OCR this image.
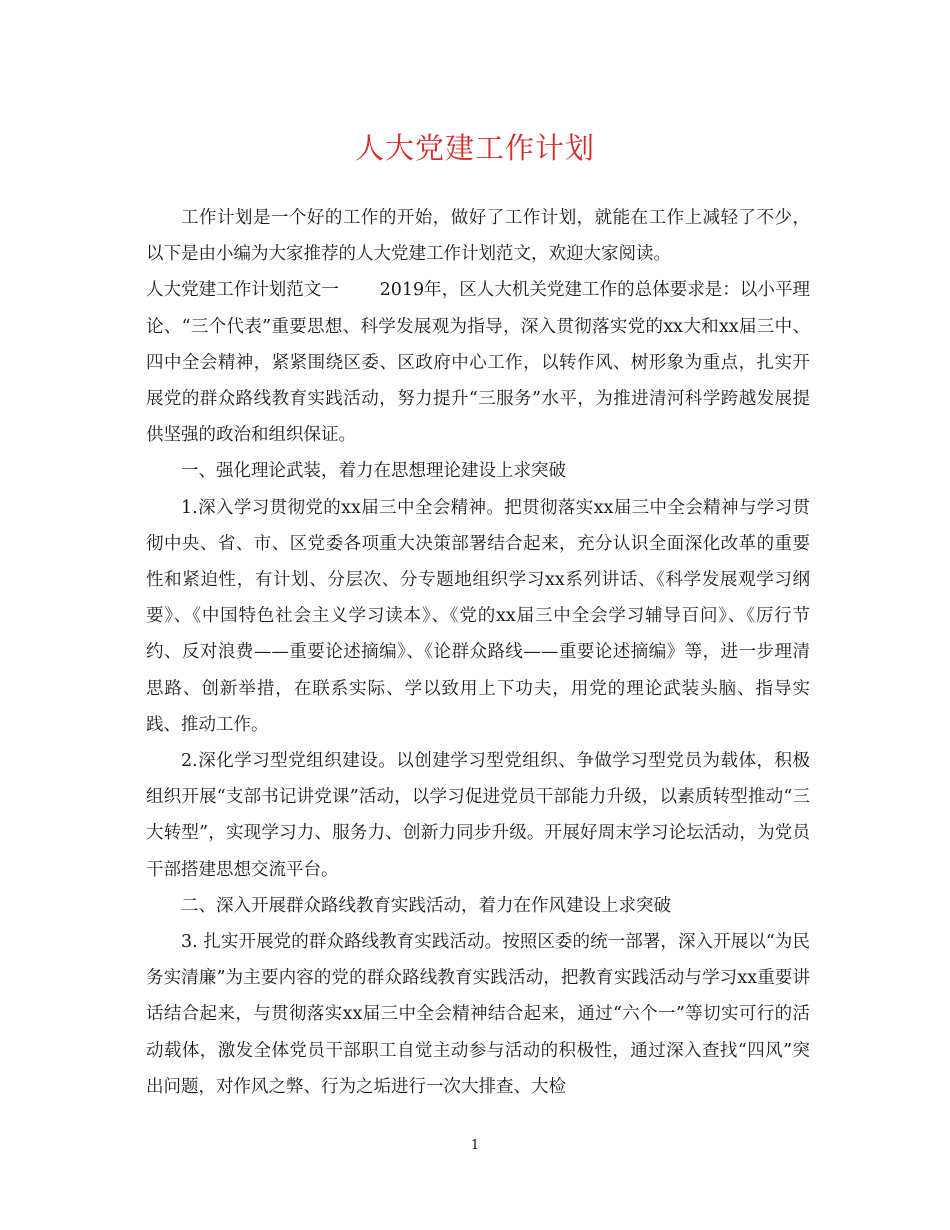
人大党建工作计划

工作计划是一个好的工作的开始，做好了工作计划，就能在工作上减轻了不少，以下是由小编为大家推荐的人大党建工作计划范文，欢迎大家阅读。

人大党建工作计划范文一　　 2019年，区人大机关党建工作的总体要求是：以小平理论、“三个代表”重要思想、科学发展观为指导，深入贯彻落实党的xx大和xx届三中、四中全会精神，紧紧围绕区委、区政府中心工作，以转作风、树形象为重点，扎实开展党的群众路线教育实践活动，努力提升“三服务”水平，为推进清河科学跨越发展提供坚强的政治和组织保证。

一、强化理论武装，着力在思想理论建设上求突破

1.深入学习贯彻党的xx届三中全会精神。把贯彻落实xx届三中全会精神与学习贯彻中央、省、市、区党委各项重大决策部署结合起来，充分认识全面深化改革的重要性和紧迫性，有计划、分层次、分专题地组织学习xx系列讲话、《科学发展观学习纲要》、《中国特色社会主义学习读本》、《党的xx届三中全会学习辅导百问》、《厉行节约、反对浪费——重要论述摘编》、《论群众路线——重要论述摘编》等，进一步理清思路、创新举措，在联系实际、学以致用上下功夫，用党的理论武装头脑、指导实践、推动工作。

2.深化学习型党组织建设。以创建学习型党组织、争做学习型党员为载体，积极组织开展“支部书记讲党课”活动，以学习促进党员干部能力升级，以素质转型推动“三大转型”，实现学习力、服务力、创新力同步升级。开展好周末学习论坛活动，为党员干部搭建思想交流平台。

二、深入开展群众路线教育实践活动，着力在作风建设上求突破

3. 扎实开展党的群众路线教育实践活动。按照区委的统一部署，深入开展以“为民务实清廉”为主要内容的党的群众路线教育实践活动，把教育实践活动与学习xx重要讲话结合起来，与贯彻落实xx届三中全会精神结合起来，通过“六个一”等切实可行的活动载体，激发全体党员干部职工自觉主动参与活动的积极性，通过深入查找“四风”突出问题，对作风之弊、行为之垢进行一次大排查、大检

1
